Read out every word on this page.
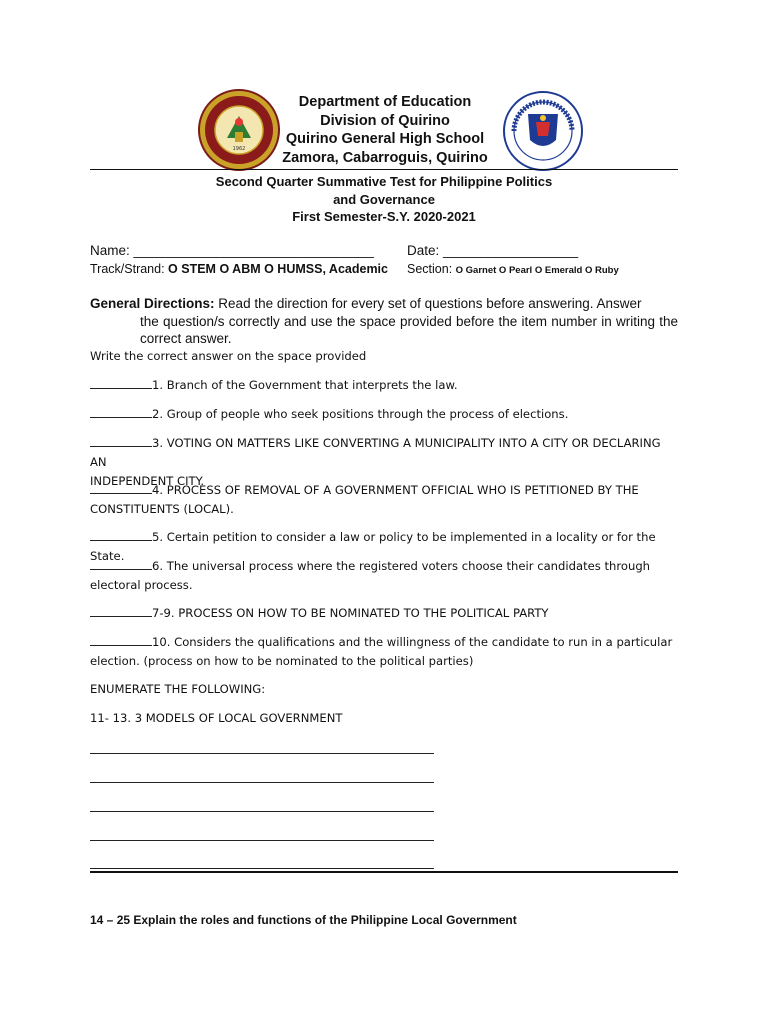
1962
Department of Education
Division of Quirino
Quirino General High School
Zamora, Cabarroguis, Quirino
Second Quarter Summative Test for Philippine Politics
and Governance
First Semester-S.Y. 2020-2021
Name: ________________________________ Date: __________________
Track/Strand: O STEM O ABM O HUMSS, Academic Section: O Garnet O Pearl O Emerald O Ruby
General Directions: Read the direction for every set of questions before answering. Answer
the question/s correctly and use the space provided before the item number in writing the correct answer.
Write the correct answer on the space provided
1. Branch of the Government that interprets the law.
2. Group of people who seek positions through the process of elections.
3. VOTING ON MATTERS LIKE CONVERTING A MUNICIPALITY INTO A CITY OR DECLARING AN
INDEPENDENT CITY.
4. PROCESS OF REMOVAL OF A GOVERNMENT OFFICIAL WHO IS PETITIONED BY THE
CONSTITUENTS (LOCAL).
5. Certain petition to consider a law or policy to be implemented in a locality or for the State.
6. The universal process where the registered voters choose their candidates through
electoral process.
7-9. PROCESS ON HOW TO BE NOMINATED TO THE POLITICAL PARTY
10. Considers the qualifications and the willingness of the candidate to run in a particular
election. (process on how to be nominated to the political parties)
ENUMERATE THE FOLLOWING:
11- 13. 3 MODELS OF LOCAL GOVERNMENT
14 – 25 Explain the roles and functions of the Philippine Local Government
